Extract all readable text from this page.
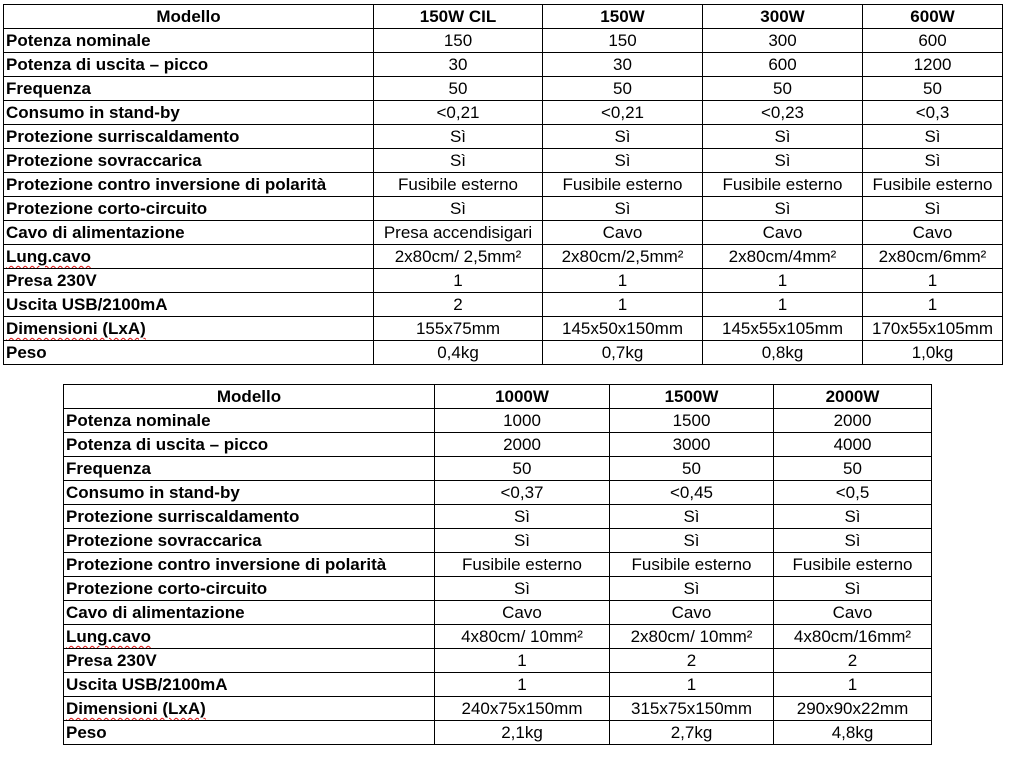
Modello	150W CIL	150W	300W	600W
Potenza nominale	150	150	300	600
Potenza di uscita – picco	30	30	600	1200
Frequenza	50	50	50	50
Consumo in stand-by	<0,21	<0,21	<0,23	<0,3
Protezione surriscaldamento	Sì	Sì	Sì	Sì
Protezione sovraccarica	Sì	Sì	Sì	Sì
Protezione contro inversione di polarità	Fusibile esterno	Fusibile esterno	Fusibile esterno	Fusibile esterno
Protezione corto-circuito	Sì	Sì	Sì	Sì
Cavo di alimentazione	Presa accendisigari	Cavo	Cavo	Cavo
Lung.cavo	2x80cm/ 2,5mm²	2x80cm/2,5mm²	2x80cm/4mm²	2x80cm/6mm²
Presa 230V	1	1	1	1
Uscita USB/2100mA	2	1	1	1
Dimensioni (LxA)	155x75mm	145x50x150mm	145x55x105mm	170x55x105mm
Peso	0,4kg	0,7kg	0,8kg	1,0kg
Modello	1000W	1500W	2000W
Potenza nominale	1000	1500	2000
Potenza di uscita – picco	2000	3000	4000
Frequenza	50	50	50
Consumo in stand-by	<0,37	<0,45	<0,5
Protezione surriscaldamento	Sì	Sì	Sì
Protezione sovraccarica	Sì	Sì	Sì
Protezione contro inversione di polarità	Fusibile esterno	Fusibile esterno	Fusibile esterno
Protezione corto-circuito	Sì	Sì	Sì
Cavo di alimentazione	Cavo	Cavo	Cavo
Lung.cavo	4x80cm/ 10mm²	2x80cm/ 10mm²	4x80cm/16mm²
Presa 230V	1	2	2
Uscita USB/2100mA	1	1	1
Dimensioni (LxA)	240x75x150mm	315x75x150mm	290x90x22mm
Peso	2,1kg	2,7kg	4,8kg
